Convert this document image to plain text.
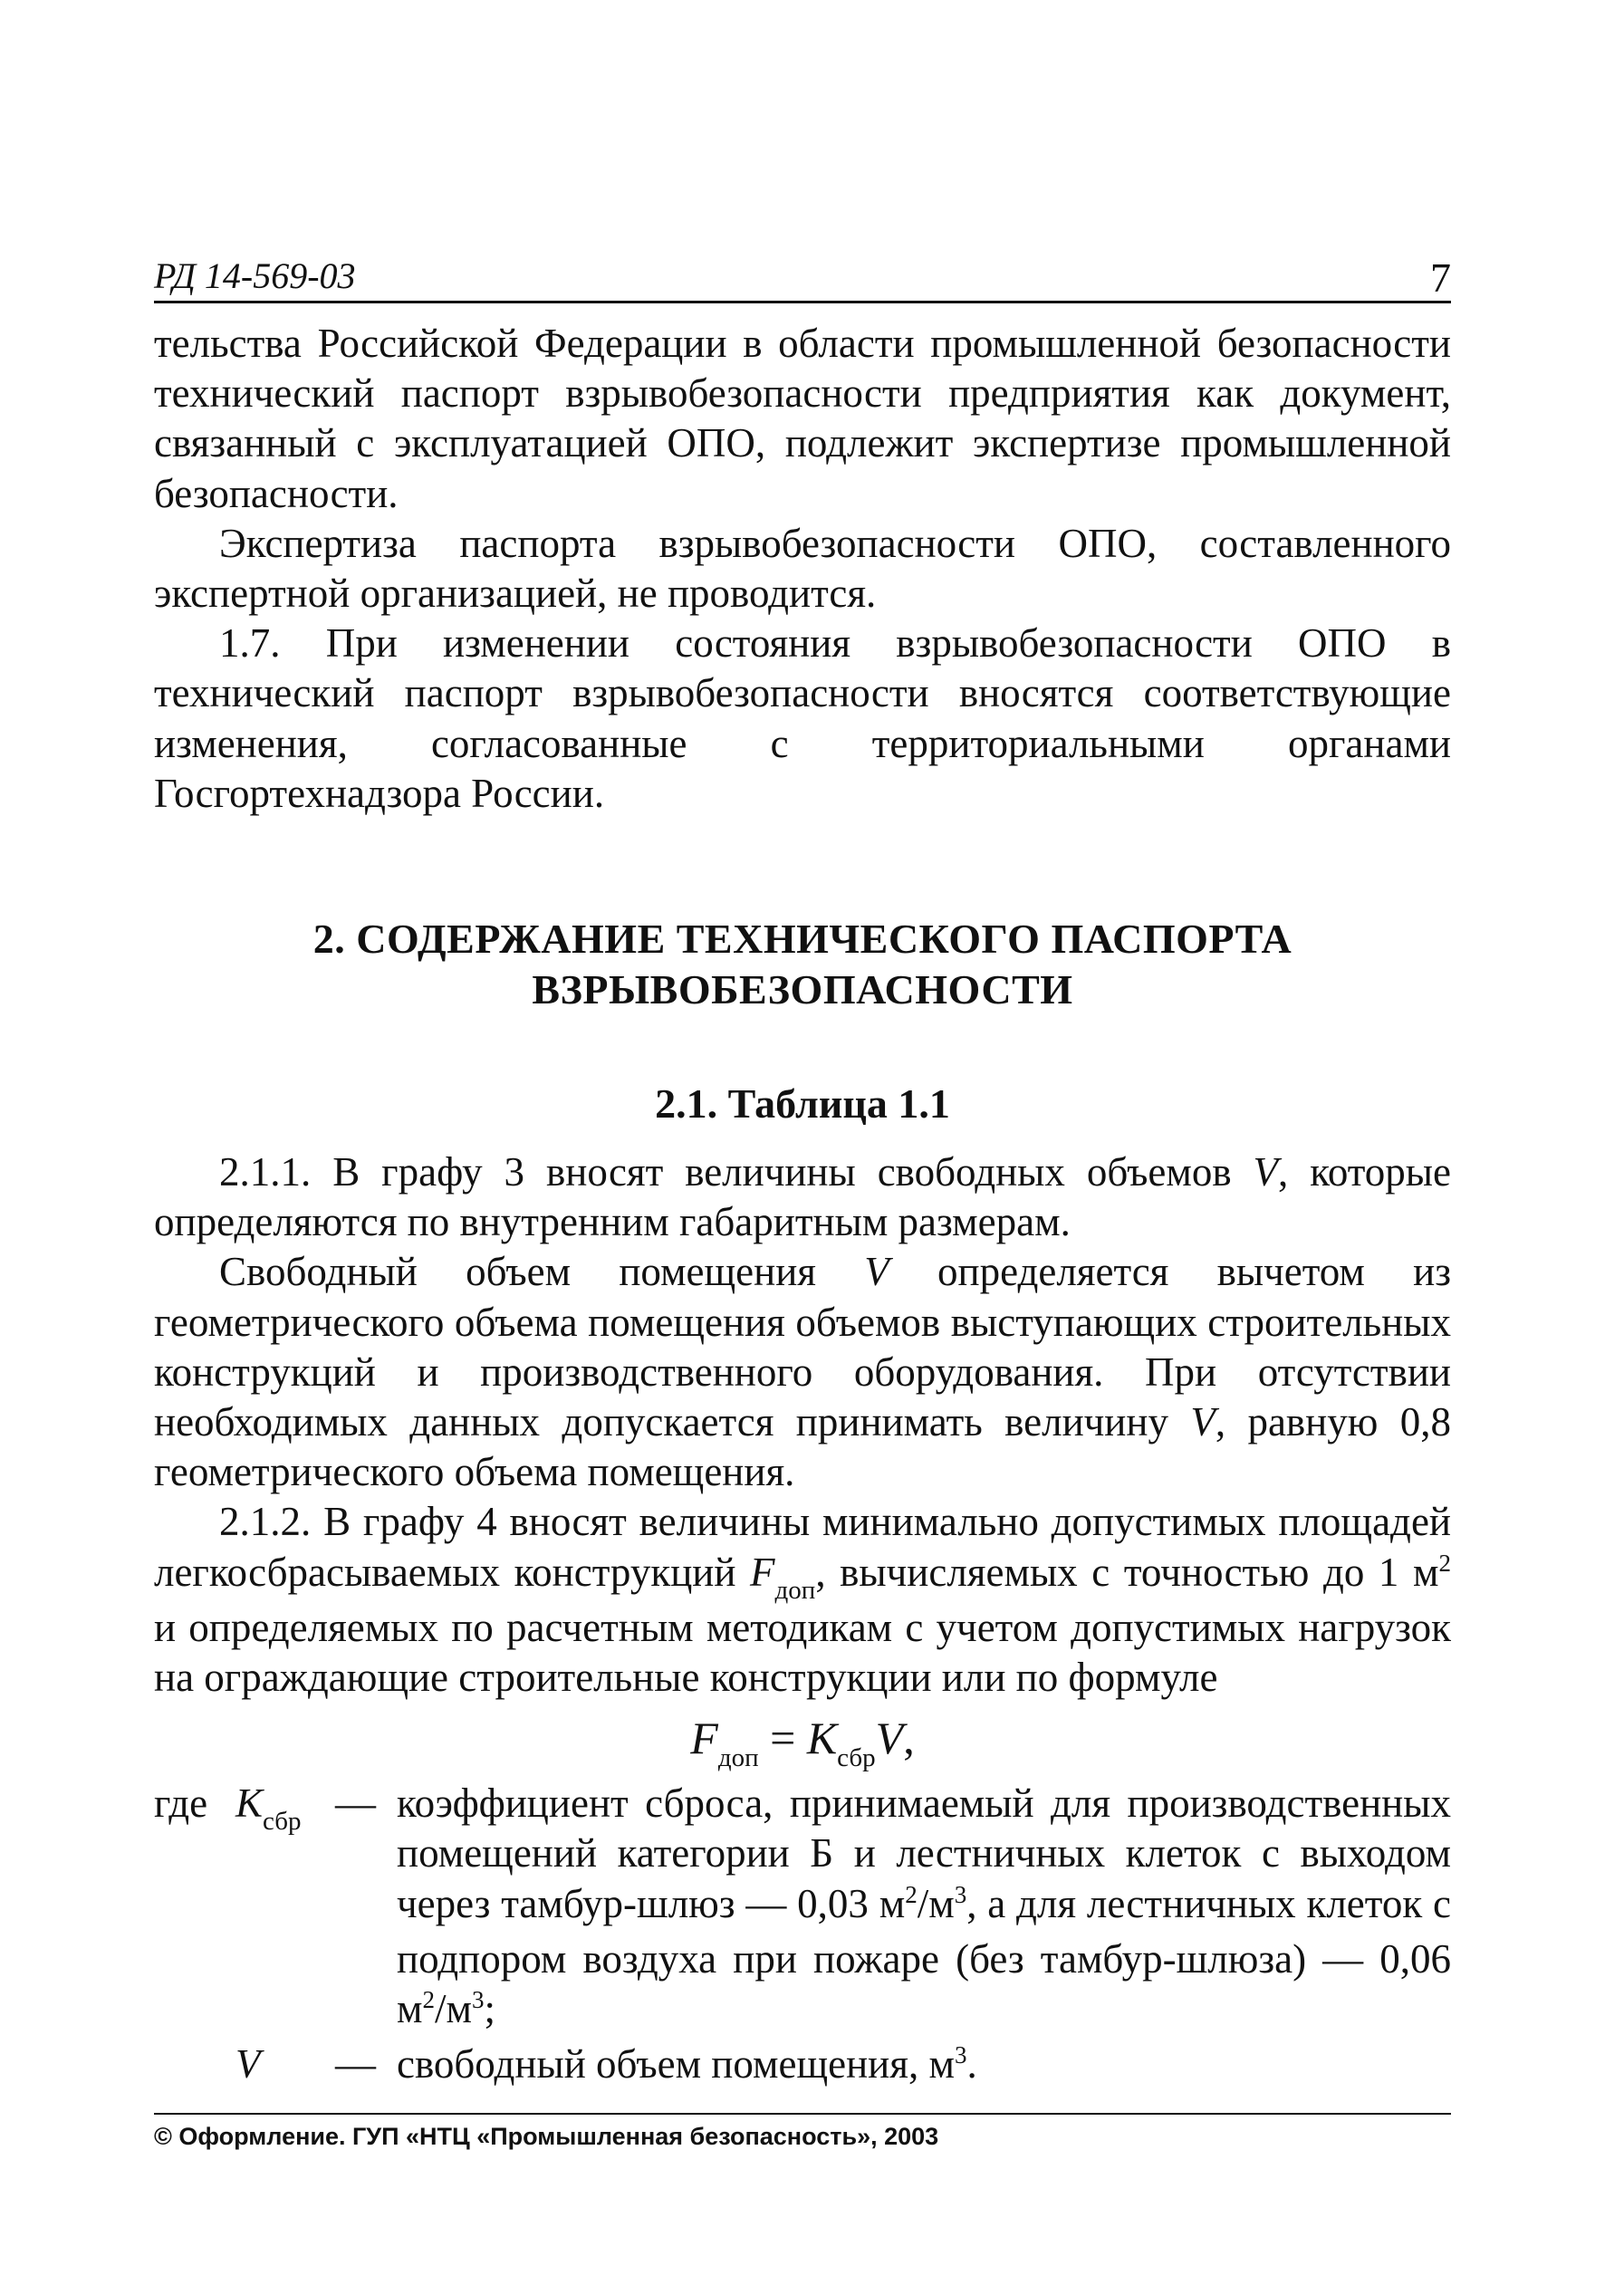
РД 14-569-03	7

тельства Российской Федерации в области промышленной безопасности технический паспорт взрывобезопасности предприятия как документ, связанный с эксплуатацией ОПО, подлежит экспертизе промышленной безопасности.

Экспертиза паспорта взрывобезопасности ОПО, составленного экспертной организацией, не проводится.

1.7. При изменении состояния взрывобезопасности ОПО в технический паспорт взрывобезопасности вносятся соответствующие изменения, согласованные с территориальными органами Госгортехнадзора России.

2. СОДЕРЖАНИЕ ТЕХНИЧЕСКОГО ПАСПОРТА
ВЗРЫВОБЕЗОПАСНОСТИ
2.1. Таблица 1.1

2.1.1. В графу 3 вносят величины свободных объемов V, которые определяются по внутренним габаритным размерам.

Свободный объем помещения V определяется вычетом из геометрического объема помещения объемов выступающих строительных конструкций и производственного оборудования. При отсутствии необходимых данных допускается принимать величину V, равную 0,8 геометрического объема помещения.

2.1.2. В графу 4 вносят величины минимально допустимых площадей легкосбрасываемых конструкций $F_{доп}$, вычисляемых с точностью до 1 $м^2$ и определяемых по расчетным методикам с учетом допустимых нагрузок на ограждающие строительные конструкции или по формуле

$F_{доп} = K_{сбр}V$,
где $K_{сбр}$ — коэффициент сброса, принимаемый для производственных помещений категории Б и лестничных клеток с выходом через тамбур-шлюз — 0,03 $м^2/м^3$, а для лестничных клеток с подпором воздуха при пожаре (без тамбур-шлюза) — 0,06 $м^2/м^3$;
V	— свободный объем помещения, $м^3$.
© Оформление. ГУП «НТЦ «Промышленная безопасность», 2003
